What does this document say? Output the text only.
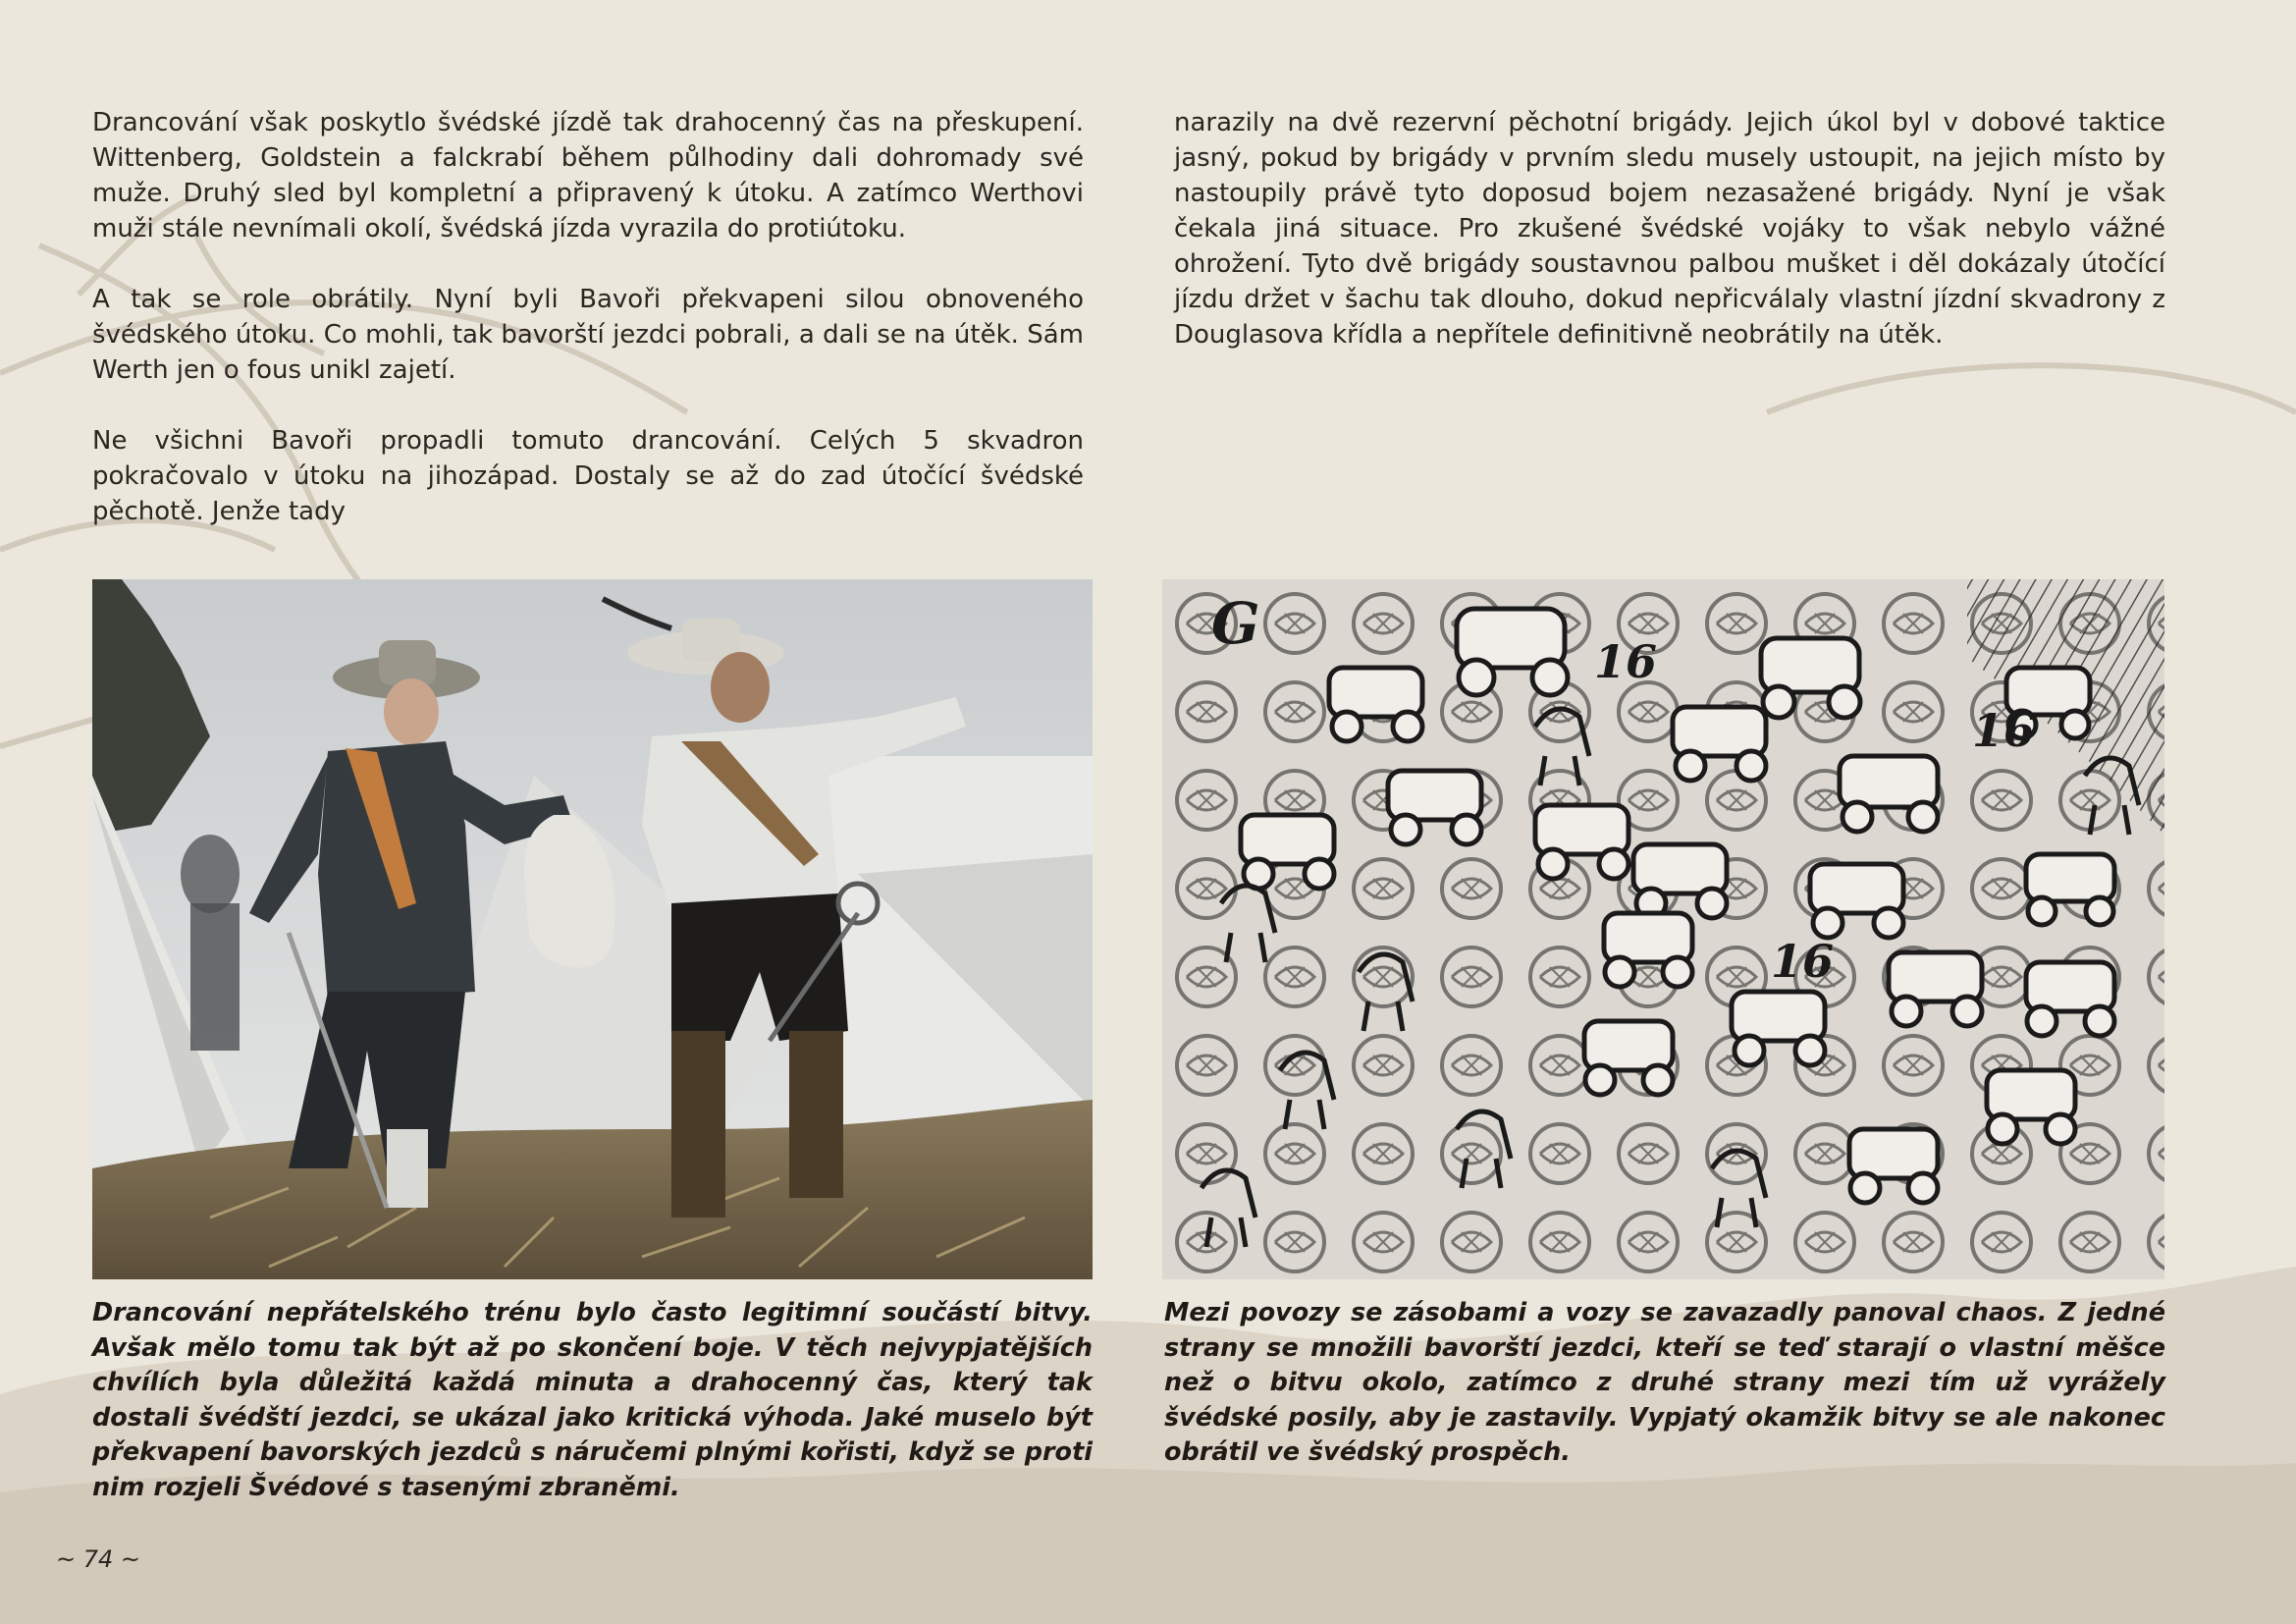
Drancování však poskytlo švédské jízdě tak drahocenný čas na přeskupení. Wittenberg, Goldstein a falckrabí během půlhodiny dali dohromady své muže. Druhý sled byl kompletní a připravený k útoku. A zatímco Werthovi muži stále nevnímali okolí, švédská jízda vyrazila do protiútoku.

A tak se role obrátily. Nyní byli Bavoři překvapeni silou obnoveného švédského útoku. Co mohli, tak bavorští jezdci pobrali, a dali se na útěk. Sám Werth jen o fous unikl zajetí.

Ne všichni Bavoři propadli tomuto drancování. Celých 5 skvadron pokračovalo v útoku na jihozápad. Dostaly se až do zad útočící švédské pěchotě. Jenže tady

narazily na dvě rezervní pěchotní brigády. Jejich úkol byl v dobové taktice jasný, pokud by brigády v prvním sledu musely ustoupit, na jejich místo by nastoupily právě tyto doposud bojem nezasažené brigády. Nyní je však čekala jiná situace. Pro zkušené švédské vojáky to však nebylo vážné ohrožení. Tyto dvě brigády soustavnou palbou mušket i děl dokázaly útočící jízdu držet v šachu tak dlouho, dokud nepřicválaly vlastní jízdní skvadrony z Douglasova křídla a nepřítele definitivně neobrátily na útěk.

G
16
16
16
Drancování nepřátelského trénu bylo často legitimní součástí bitvy. Avšak mělo tomu tak být až po skončení boje. V těch nejvypjatějších chvílích byla důležitá každá minuta a drahocenný čas, který tak dostali švédští jezdci, se ukázal jako kritická výhoda. Jaké muselo být překvapení bavorských jezdců s náručemi plnými kořisti, když se proti nim rozjeli Švédové s tasenými zbraněmi.
Mezi povozy se zásobami a vozy se zavazadly panoval chaos. Z jedné strany se množili bavorští jezdci, kteří se teď starají o vlastní měšce než o bitvu okolo, zatímco z druhé strany mezi tím už vyrážely švédské posily, aby je zastavily. Vypjatý okamžik bitvy se ale nakonec obrátil ve švédský prospěch.
~ 74 ~
